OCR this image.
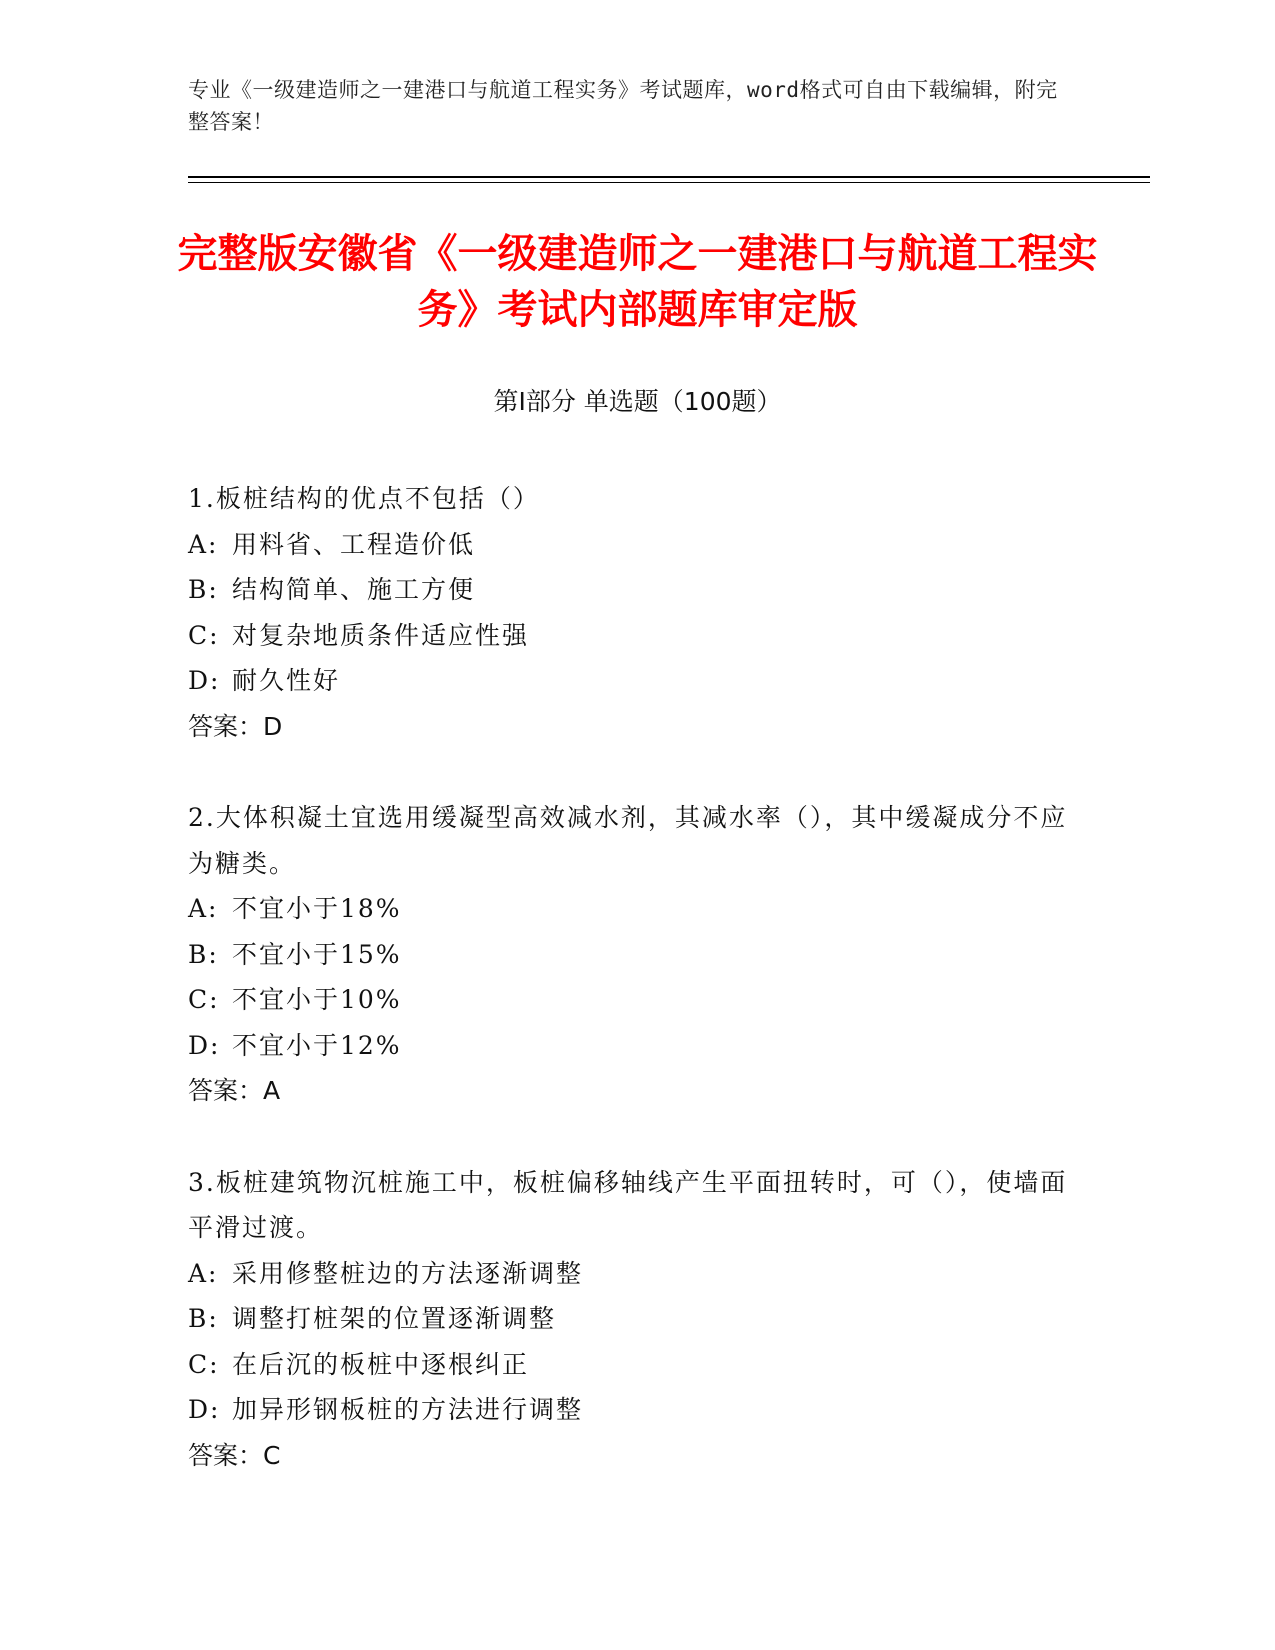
专业《一级建造师之一建港口与航道工程实务》考试题库，word格式可自由下载编辑，附完整答案！
完整版安徽省《一级建造师之一建港口与航道工程实务》考试内部题库审定版
第Ⅰ部分 单选题（100题）
1.板桩结构的优点不包括（）
A: 用料省、工程造价低
B: 结构简单、施工方便
C: 对复杂地质条件适应性强
D: 耐久性好
答案：D
2.大体积凝土宜选用缓凝型高效减水剂，其减水率（），其中缓凝成分不应为糖类。
A: 不宜小于18%
B: 不宜小于15%
C: 不宜小于10%
D: 不宜小于12%
答案：A
3.板桩建筑物沉桩施工中，板桩偏移轴线产生平面扭转时，可（），使墙面平滑过渡。
A: 采用修整桩边的方法逐渐调整
B: 调整打桩架的位置逐渐调整
C: 在后沉的板桩中逐根纠正
D: 加异形钢板桩的方法进行调整
答案：C
